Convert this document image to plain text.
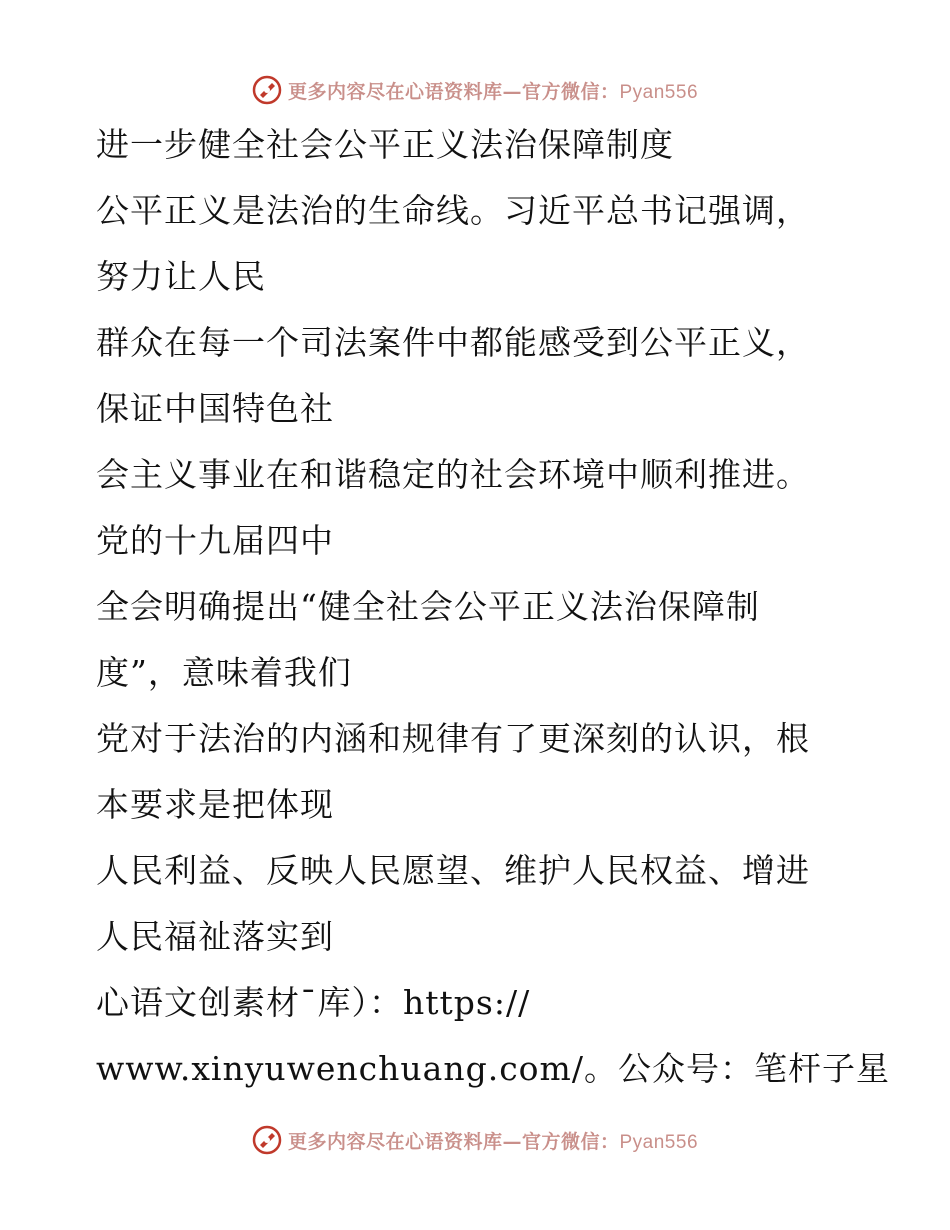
更多内容尽在心语资料库—官方微信：Pyan556

进一步健全社会公平正义法治保障制度

公平正义是法治的生命线。习近平总书记强调，

努力让人民

群众在每一个司法案件中都能感受到公平正义，

保证中国特色社

会主义事业在和谐稳定的社会环境中顺利推进。

党的十九届四中

全会明确提出“健全社会公平正义法治保障制

度”，意味着我们

党对于法治的内涵和规律有了更深刻的认识，根

本要求是把体现

人民利益、反映人民愿望、维护人民权益、增进

人民福祉落实到

心语文创素材¯库）：https://

www.xinyuwenchuang.com/。公众号：笔杆子星

更多内容尽在心语资料库—官方微信：Pyan556
